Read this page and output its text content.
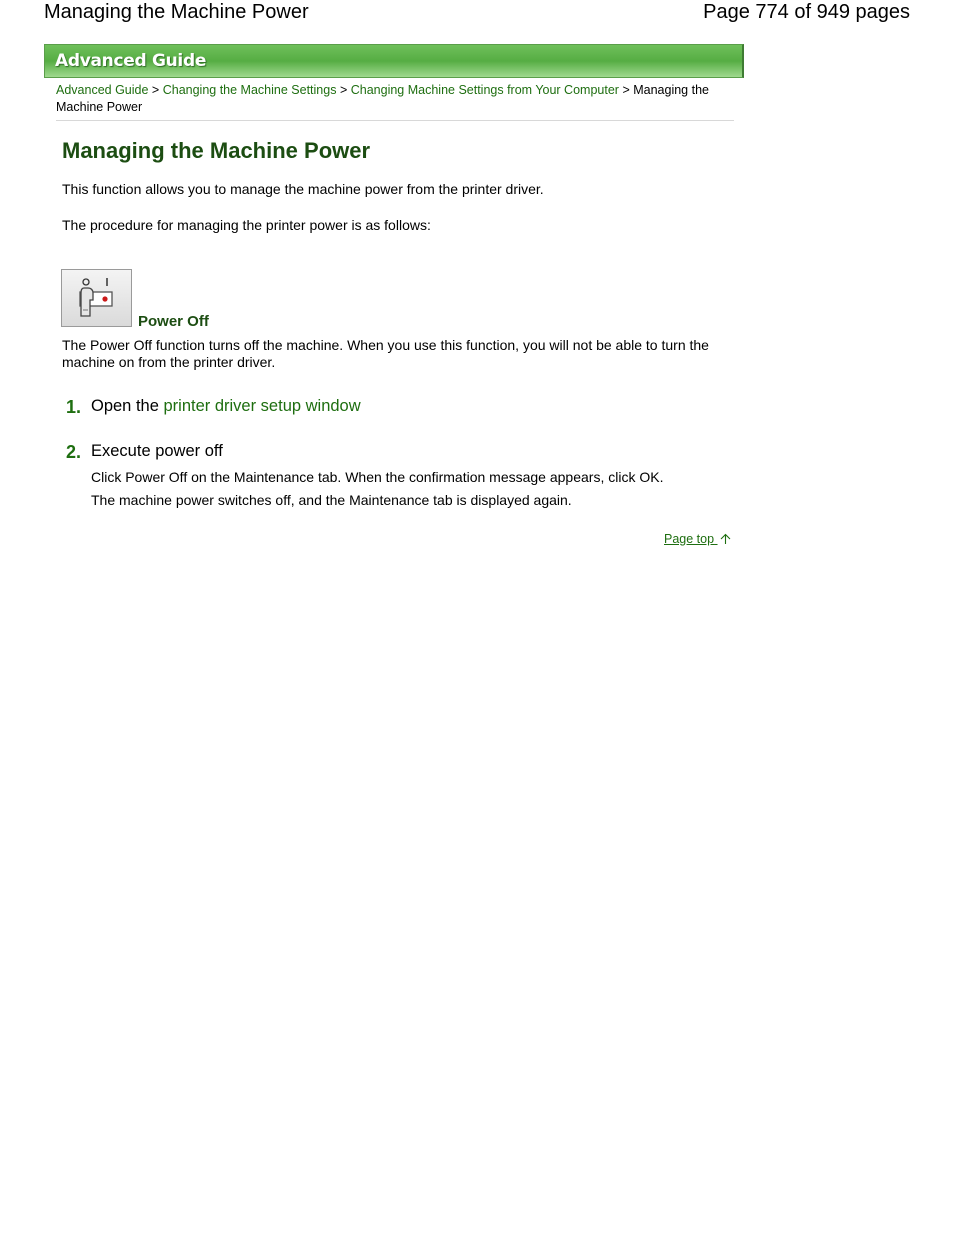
Managing the Machine Power	Page 774 of 949 pages
Advanced Guide
Advanced Guide > Changing the Machine Settings > Changing Machine Settings from Your Computer > Managing the Machine Power
Managing the Machine Power

This function allows you to manage the machine power from the printer driver.

The procedure for managing the printer power is as follows:

Power Off

The Power Off function turns off the machine. When you use this function, you will not be able to turn the machine on from the printer driver.

1. Open the printer driver setup window
2. Execute power off

Click Power Off on the Maintenance tab. When the confirmation message appears, click OK.

The machine power switches off, and the Maintenance tab is displayed again.

Page top
